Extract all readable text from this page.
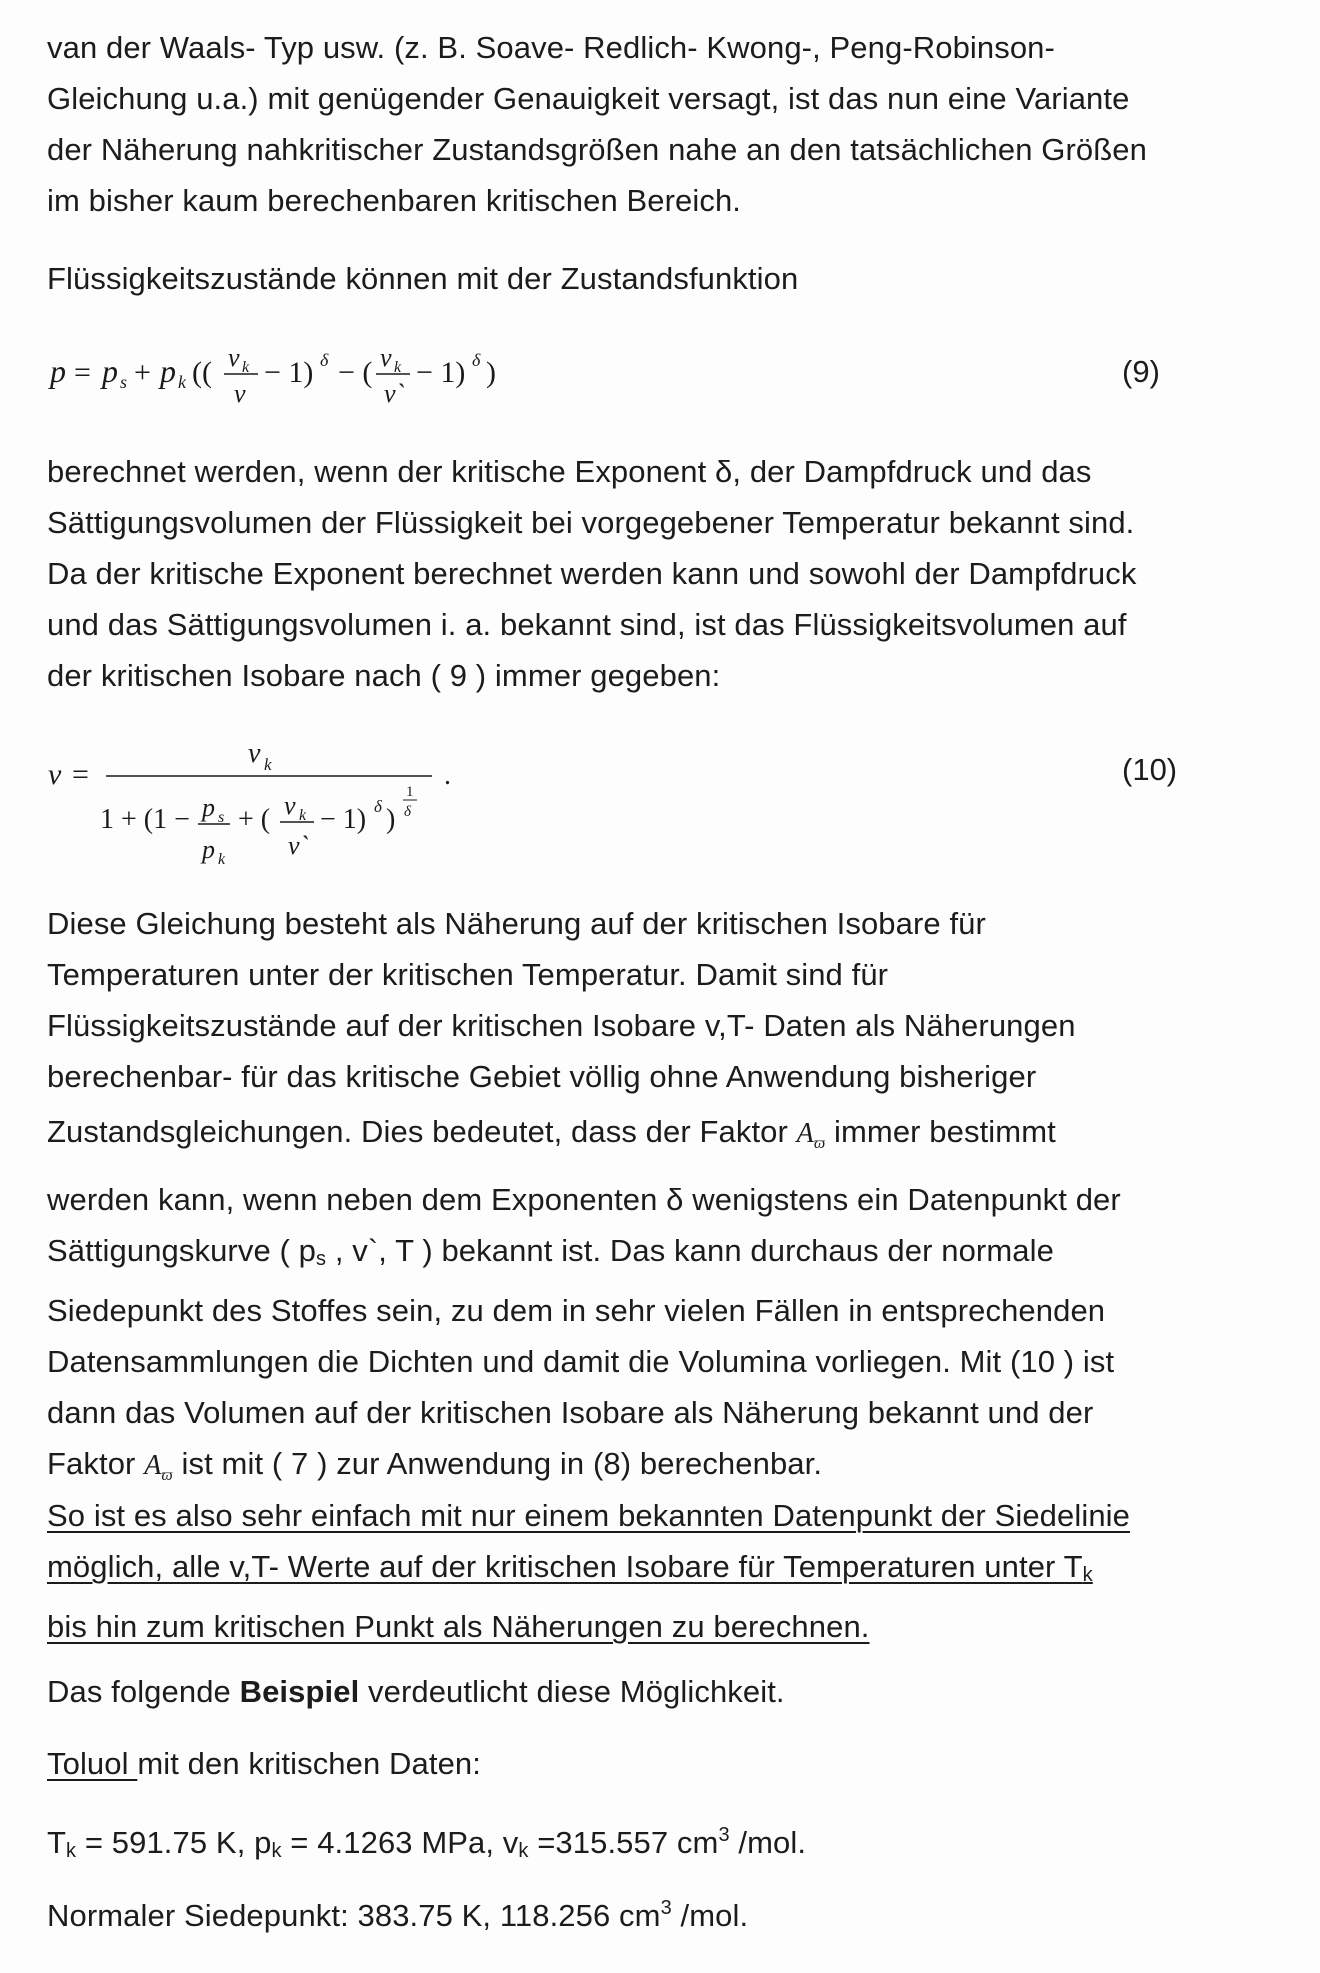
van der Waals- Typ usw. (z. B. Soave- Redlich- Kwong-, Peng-Robinson-
Gleichung u.a.) mit genügender Genauigkeit versagt, ist das nun eine Variante
der Näherung nahkritischer Zustandsgrößen nahe an den tatsächlichen Größen
im bisher kaum berechenbaren kritischen Bereich.

Flüssigkeitszustände können mit der Zustandsfunktion

p = p s + p k (( v k
v
− 1) δ − ( v k
v`
− 1) δ )	(9)

berechnet werden, wenn der kritische Exponent δ, der Dampfdruck und das
Sättigungsvolumen der Flüssigkeit bei vorgegebener Temperatur bekannt sind.
Da der kritische Exponent berechnet werden kann und sowohl der Dampfdruck
und das Sättigungsvolumen i. a. bekannt sind, ist das Flüssigkeitsvolumen auf
der kritischen Isobare nach ( 9 ) immer gegeben:

v =
v k
1 + (1 − p s
p k
+ ( v k
v`
− 1) δ )
1
δ
.	(10)

Diese Gleichung besteht als Näherung auf der kritischen Isobare für
Temperaturen unter der kritischen Temperatur. Damit sind für
Flüssigkeitszustände auf der kritischen Isobare v,T- Daten als Näherungen
berechenbar- für das kritische Gebiet völlig ohne Anwendung bisheriger
Zustandsgleichungen. Dies bedeutet, dass der Faktor $A_ϖ$ immer bestimmt
werden kann, wenn neben dem Exponenten δ wenigstens ein Datenpunkt der
Sättigungskurve ( $p_s$ , v`, T ) bekannt ist. Das kann durchaus der normale
Siedepunkt des Stoffes sein, zu dem in sehr vielen Fällen in entsprechenden
Datensammlungen die Dichten und damit die Volumina vorliegen. Mit (10 ) ist
dann das Volumen auf der kritischen Isobare als Näherung bekannt und der
Faktor $A_ϖ$ ist mit ( 7 ) zur Anwendung in (8) berechenbar.

So ist es also sehr einfach mit nur einem bekannten Datenpunkt der Siedelinie
möglich, alle v,T- Werte auf der kritischen Isobare für Temperaturen unter $T_k$
bis hin zum kritischen Punkt als Näherungen zu berechnen.

Das folgende Beispiel verdeutlicht diese Möglichkeit.

Toluol mit den kritischen Daten:

$T_k = 591.75$ K, $p_k = 4.1263$ MPa, $v_k =315.557$ $cm^3$ /mol.

Normaler Siedepunkt: 383.75 K, 118.256 $cm^3$ /mol.
